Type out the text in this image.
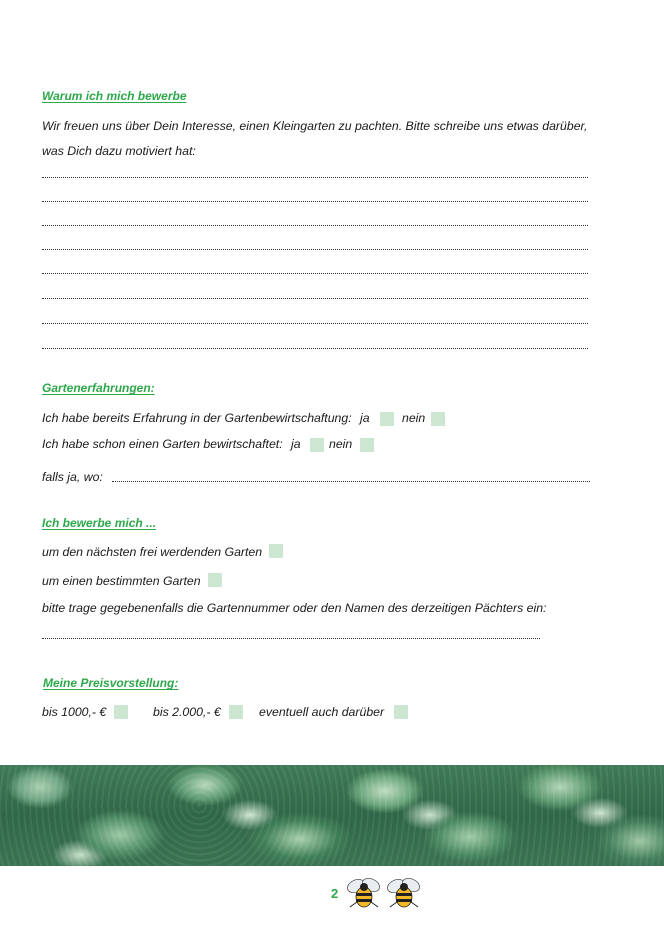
Warum ich mich bewerbe
Wir freuen uns über Dein Interesse, einen Kleingarten zu pachten. Bitte schreibe uns etwas darüber,
was Dich dazu motiviert hat:
Gartenerfahrungen:
Ich habe bereits Erfahrung in der Gartenbewirtschaftung: ja	nein
Ich habe schon einen Garten bewirtschaftet: ja nein
falls ja, wo:
Ich bewerbe mich ...
um den nächsten frei werdenden Garten
um einen bestimmten Garten
bitte trage gegebenenfalls die Gartennummer oder den Namen des derzeitigen Pächters ein:
Meine Preisvorstellung:
bis 1000,- €	bis 2.000,- €	eventuell auch darüber
2
